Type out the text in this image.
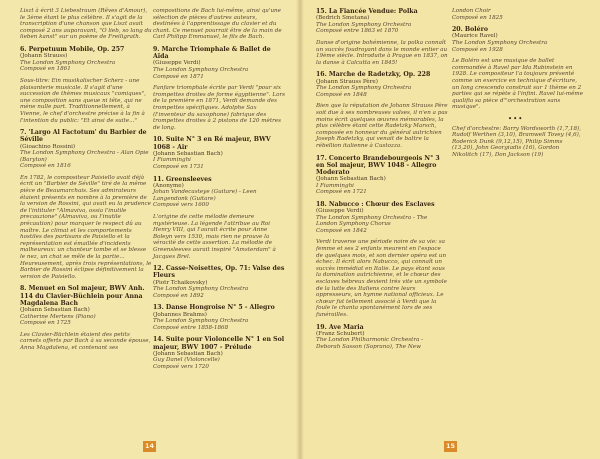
Liszt à écrit 3 Liebestraum (Rêves d'Amour), le 3ème étant le plus célèbre. Il s'agit de la transcription d'une chanson que Liszt avait composé 2 ans auparavant, "O lieb, so lang du lieben kanst" sur un poème de Freiligrath.

6. Perpetuum Mobile, Op. 257
(Johann Strauss)
The London Symphony Orchestra
Composé en 1861

Sous-titre: Ein musikalischer Scherz - une plaisanterie musicale. Il s'agit d'une succession de thèmes musicaux "comiques", une composition sans queue ni tête, qui ne mène nulle part. Traditionnellement, à Vienne, le chef d'orchestre précise à la fin à l'intention du public: "Et ainsi de suite..."

7. 'Largo Al Factotum' du Barbier de Séville
(Gioachino Rossini)
The London Symphony Orchestra - Alan Opie (Baryton)
Composé en 1816

En 1782, le compositeur Paisiello avait déjà écrit un "Barbier de Séville" tiré de la même pièce de Beaumarchais. Ses admirateurs étaient présents en nombre à la première de la version de Rossini, qui avait eu la prudence de l'intituler "Almaviva, ossia l'inutile precauzione" (Almaviva, ou l'inutile précaution) pour marquer le respect dû au maître. Le climat et les comportements hostiles des partisans de Paisiello et la représentation est émaillée d'incidents malheureux: un chanteur tombe et se blesse le nez, un chat se mêle de la partie... Heureusement, après trois représentations, le Barbier de Rossini éclipse définitivement la version de Paisiello.

8. Menuet en Sol majeur, BWV Anh. 114 du Clavier-Büchlein pour Anna Magdalena Bach
(Johann Sebastian Bach)
Catherine Mertens (Piano)
Composé en 1725

Les Clavier-Büchlein étaient des petits carnets offerts par Bach à sa seconde épouse, Anna Magdalena, et contenant ses

compositions de Bach lui-même, ainsi qu'une sélection de pièces d'autres auteurs, destinées à l'apprentissage du clavier et du chant. Ce menuet pourrait être de la main de Carl Philipp Emmanuel, le fils de Bach.

9. Marche Triomphale & Ballet de Aïda
(Giuseppe Verdi)
The London Symphony Orchestra
Composé en 1871

Fanfare triomphale écrite par Verdi "pour six trompettes droites de forme égyptienne". Lors de la première en 1871, Verdi demande des trompettes spécifiques. Adolphe Sax (l'inventeur du saxophone) fabrique des trompettes droites à 2 pistons de 120 mètres de long.

10. Suite N° 3 en Ré majeur, BWV 1068 - Air
(Johann Sebastian Bach)
I Fiamminghi
Composé en 1731
11. Greensleeves
(Anonyme)
Johan Vandecasteye (Guitare) - Leen Langendonk (Guitare)
Composé vers 1600

L'origine de cette mélodie demeure mystérieuse. La légende l'attribue au Roi Henry VIII, qui l'aurait écrite pour Anne Boleyn vers 1530, mais rien ne prouve la véracité de cette assertion. La mélodie de Greensleeves aurait inspiré "Amsterdam" à Jacques Brel.

12. Casse-Noisettes, Op. 71: Valse des Fleurs
(Piotr Tchaikovsky)
The London Symphony Orchestra
Composé en 1892
13. Danse Hongroise N° 5 - Allegro
(Johannes Brahms)
The London Symphony Orchestra
Composé entre 1858-1868
14. Suite pour Violoncelle N° 1 en Sol majeur, BWV 1007 - Prélude
(Johann Sebastian Bach)
Guy Danel (Violoncelle)
Composé vers 1720
14
15. La Fiancée Vendue: Polka
(Bedrich Smetana)
The London Symphony Orchestra
Composé entre 1863 et 1870

Danse d'origine bohémienne, la polka connaît un succès foudroyant dans le monde entier au 19ème siècle. Introduite à Prague en 1837, on la danse à Calcutta en 1845!

16. Marche de Radetzky, Op. 228
(Johann Strauss Père)
The London Symphony Orchestra
Composé en 1848

Bien que la réputation de Johann Strauss Père soit due à ses nombreuses valses, il n'en a pas moins écrit quelques œuvres mémorables, la plus célèbre étant cette Radetzky Marsch, composée en honneur du général autrichien Joseph Radetzky, qui venait de battre la rébellion italienne à Custozza.

17. Concerto Brandebourgeois N° 3 en Sol majeur, BWV 1048 - Allegro Moderato
(Johann Sebastian Bach)
I Fiamminghi
Composé en 1721
18. Nabucco : Chœur des Esclaves
(Giuseppe Verdi)
The London Symphony Orchestra - The London Symphony Chorus
Composé en 1842

Verdi traverse une période noire de sa vie: sa femme et ses 2 enfants meurent en l'espace de quelques mois, et son dernier opéra est un échec. Il écrit alors Nabucco, qui connaît un succès immédiat en Italie. Le pays étant sous la domination autrichienne, et le chœur des esclaves hébreux devient très vite un symbole de la lutte des Italiens contre leurs oppresseurs, un hymne national officieux. Le chœur fut tellement associé à Verdi que la foule le chanta spontanément lors de ses funérailles.

19. Ave Maria
(Franz Schubert)
The London Philharmonic Orchestra - Deborah Sasson (Soprano), The New
London Choir
Composé en 1825
20. Boléro
(Maurice Ravel)
The London Symphony Orchestra
Composé en 1928

Le Boléro est une musique de ballet commandée à Ravel par Ida Rubinstein en 1928. Le compositeur l'a toujours présenté comme un exercice en technique d'écriture, un long crescendo construit sur 1 thème en 2 parties qui se répète à l'infini. Ravel lui-même qualifia sa pièce d'"orchestration sans musique".

•••

Chef d'orchestre: Barry Wordsworth (1,7,18), Rudolf Werthen (3,10), Bramwell Tovey (4,6), Roderick Dunk (9,12,15), Philip Simms (13,20), John Georgiadis (16), Gordon Nikolitch (17), Don Jackson (19)

15
